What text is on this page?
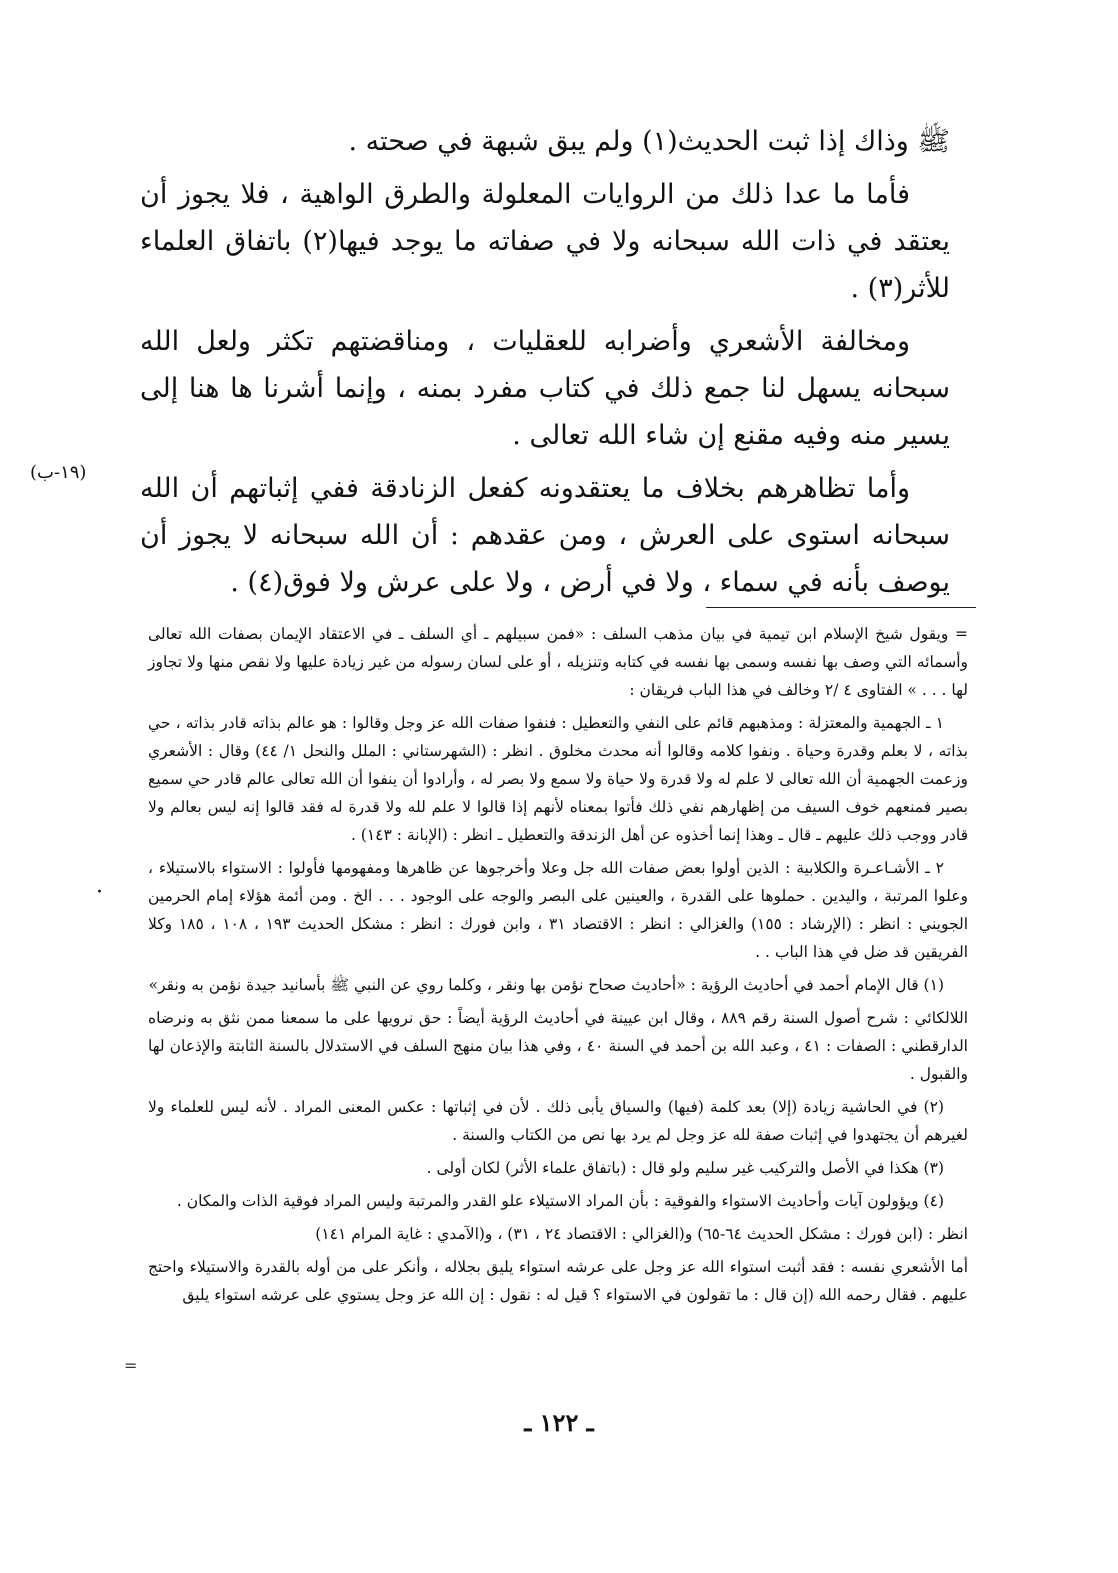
ﷺ وذاك إذا ثبت الحديث(١) ولم يبق شبهة في صحته .

فأما ما عدا ذلك من الروايات المعلولة والطرق الواهية ، فلا يجوز أن يعتقد في ذات الله سبحانه ولا في صفاته ما يوجد فيها(٢) باتفاق العلماء للأثر(٣) .

ومخالفة الأشعري وأضرابه للعقليات ، ومناقضتهم تكثر ولعل الله سبحانه يسهل لنا جمع ذلك في كتاب مفرد بمنه ، وإنما أشرنا ها هنا إلى يسير منه وفيه مقنع إن شاء الله تعالى .

وأما تظاهرهم بخلاف ما يعتقدونه كفعل الزنادقة ففي إثباتهم أن الله سبحانه استوى على العرش ، ومن عقدهم : أن الله سبحانه لا يجوز أن يوصف بأنه في سماء ، ولا في أرض ، ولا على عرش ولا فوق(٤) .

(١٩-ب)

= ويقول شيخ الإسلام ابن تيمية في بيان مذهب السلف : «فمن سبيلهم ـ أي السلف ـ في الاعتقاد الإيمان بصفات الله تعالى وأسمائه التي وصف بها نفسه وسمى بها نفسه في كتابه وتنزيله ، أو على لسان رسوله من غير زيادة عليها ولا نقص منها ولا تجاوز لها . . . » الفتاوى ٤ /٢ وخالف في هذا الباب فريقان :

١ ـ الجهمية والمعتزلة : ومذهبهم قائم على النفي والتعطيل : فنفوا صفات الله عز وجل وقالوا : هو عالم بذاته قادر بذاته ، حي بذاته ، لا بعلم وقدرة وحياة . ونفوا كلامه وقالوا أنه محدث مخلوق . انظر : (الشهرستاني : الملل والنحل ١/ ٤٤) وقال : الأشعري وزعمت الجهمية أن الله تعالى لا علم له ولا قدرة ولا حياة ولا سمع ولا بصر له ، وأرادوا أن ينفوا أن الله تعالى عالم قادر حي سميع بصير فمنعهم خوف السيف من إظهارهم نفي ذلك فأتوا بمعناه لأنهم إذا قالوا لا علم لله ولا قدرة له فقد قالوا إنه ليس بعالم ولا قادر ووجب ذلك عليهم ـ قال ـ وهذا إنما أخذوه عن أهل الزندقة والتعطيل ـ انظر : (الإبانة : ١٤٣) .

٢ ـ الأشـاعـرة والكلابية : الذين أولوا بعض صفات الله جل وعلا وأخرجوها عن ظاهرها ومفهومها فأولوا : الاستواء بالاستيلاء ، وعلوا المرتبة ، واليدين . حملوها على القدرة ، والعينين على البصر والوجه على الوجود . . . الخ . ومن أئمة هؤلاء إمام الحرمين الجويني : انظر : (الإرشاد : ١٥٥) والغزالي : انظر : الاقتصاد ٣١ ، وابن فورك : انظر : مشكل الحديث ١٩٣ ، ١٠٨ ، ١٨٥ وكلا الفريقين قد ضل في هذا الباب . .

(١) قال الإمام أحمد في أحاديث الرؤية : «أحاديث صحاح نؤمن بها ونقر ، وكلما روي عن النبي ﷺ بأسانيد جيدة نؤمن به ونقر»

اللالكائي : شرح أصول السنة رقم ٨٨٩ ، وقال ابن عيينة في أحاديث الرؤية أيضاً : حق نرويها على ما سمعنا ممن نثق به ونرضاه الدارقطني : الصفات : ٤١ ، وعبد الله بن أحمد في السنة ٤٠ ، وفي هذا بيان منهج السلف في الاستدلال بالسنة الثابتة والإذعان لها والقبول .

(٢) في الحاشية زيادة (إلا) بعد كلمة (فيها) والسياق يأبى ذلك . لأن في إثباتها : عكس المعنى المراد . لأنه ليس للعلماء ولا لغيرهم أن يجتهدوا في إثبات صفة لله عز وجل لم يرد بها نص من الكتاب والسنة .

(٣) هكذا في الأصل والتركيب غير سليم ولو قال : (باتفاق علماء الأثر) لكان أولى .

(٤) ويؤولون آيات وأحاديث الاستواء والفوقية : بأن المراد الاستيلاء علو القدر والمرتبة وليس المراد فوقية الذات والمكان .

انظر : (ابن فورك : مشكل الحديث ٦٤-٦٥) و(الغزالي : الاقتصاد ٢٤ ، ٣١) ، و(الآمدي : غاية المرام ١٤١)

أما الأشعري نفسه : فقد أثبت استواء الله عز وجل على عرشه استواء يليق بجلاله ، وأنكر على من أوله بالقدرة والاستيلاء واحتج عليهم . فقال رحمه الله (إن قال : ما تقولون في الاستواء ؟ قيل له : نقول : إن الله عز وجل يستوي على عرشه استواء يليق

=
·
ـ ١٢٢ ـ
